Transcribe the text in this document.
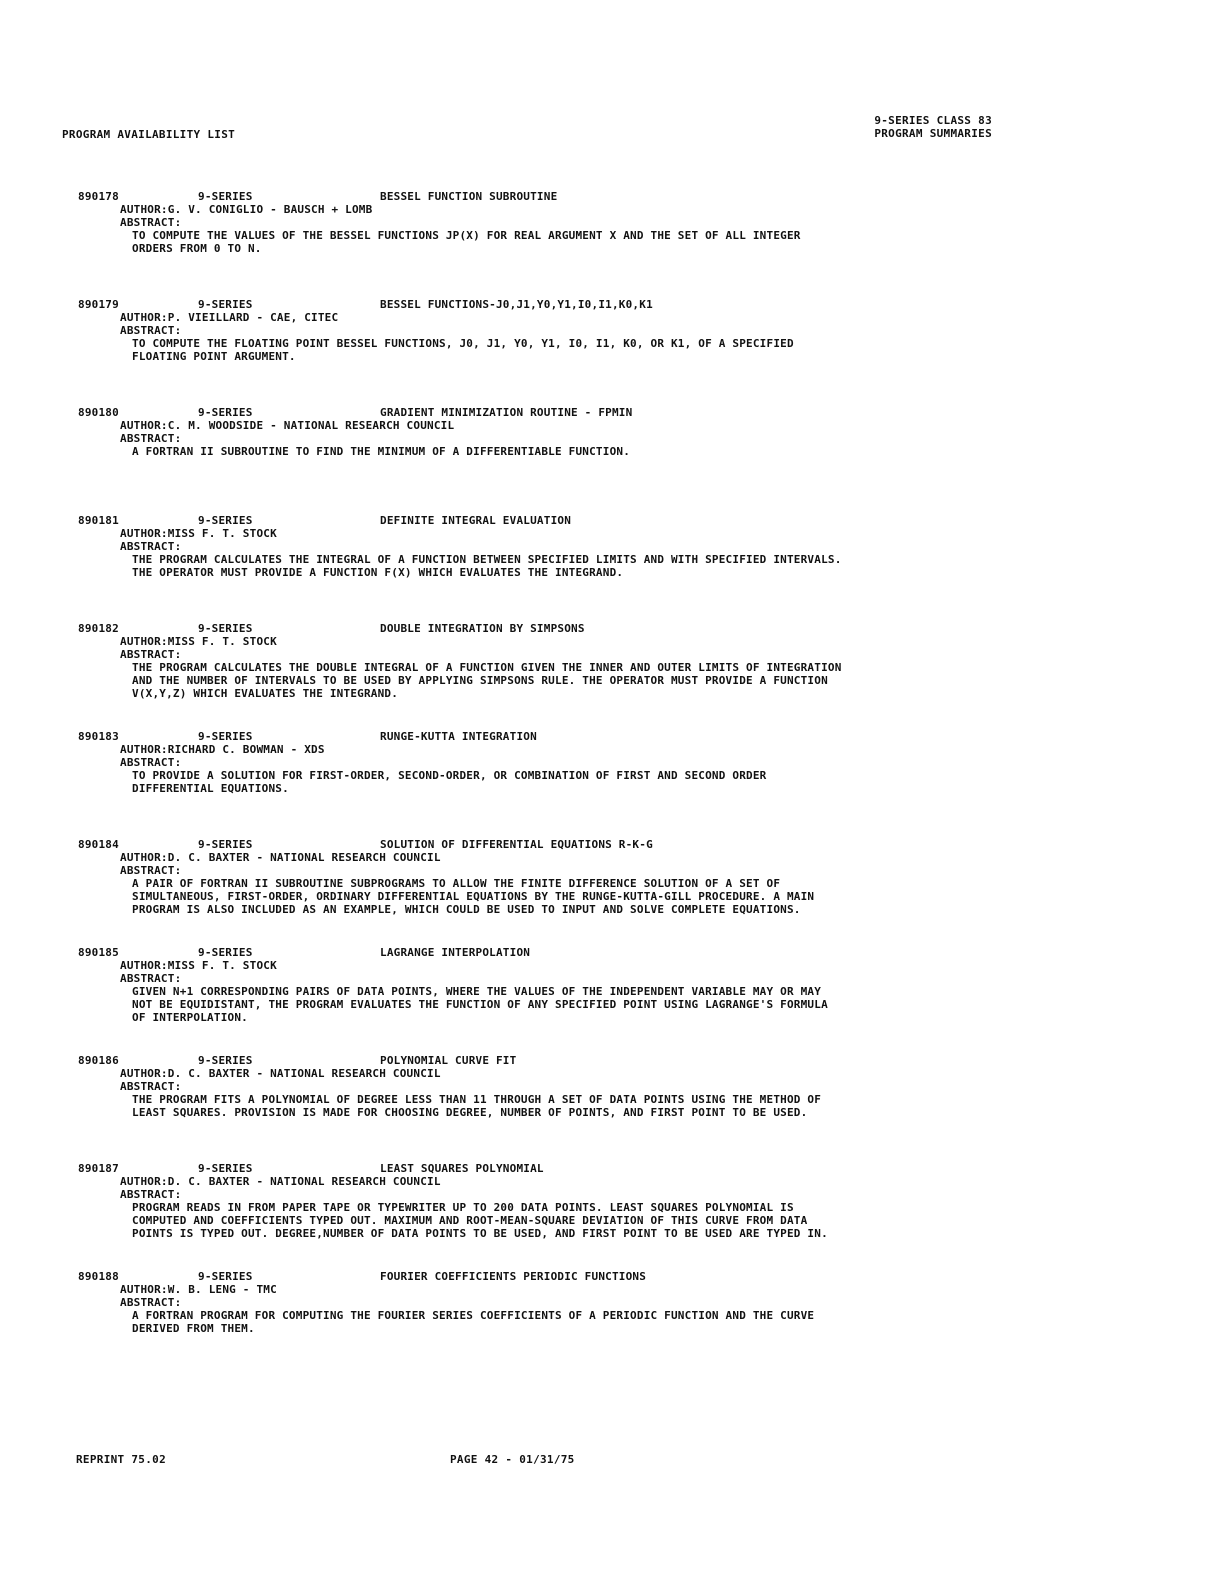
PROGRAM AVAILABILITY LIST
9-SERIES CLASS 83
PROGRAM SUMMARIES
890178	9-SERIES	BESSEL FUNCTION SUBROUTINE
AUTHOR:G. V. CONIGLIO - BAUSCH + LOMB
ABSTRACT:
TO COMPUTE THE VALUES OF THE BESSEL FUNCTIONS JP(X) FOR REAL ARGUMENT X AND THE SET OF ALL INTEGER
ORDERS FROM 0 TO N.
890179	9-SERIES	BESSEL FUNCTIONS-J0,J1,Y0,Y1,I0,I1,K0,K1
AUTHOR:P. VIEILLARD - CAE, CITEC
ABSTRACT:
TO COMPUTE THE FLOATING POINT BESSEL FUNCTIONS, J0, J1, Y0, Y1, I0, I1, K0, OR K1, OF A SPECIFIED
FLOATING POINT ARGUMENT.
890180	9-SERIES	GRADIENT MINIMIZATION ROUTINE - FPMIN
AUTHOR:C. M. WOODSIDE - NATIONAL RESEARCH COUNCIL
ABSTRACT:
A FORTRAN II SUBROUTINE TO FIND THE MINIMUM OF A DIFFERENTIABLE FUNCTION.
890181	9-SERIES	DEFINITE INTEGRAL EVALUATION
AUTHOR:MISS F. T. STOCK
ABSTRACT:
THE PROGRAM CALCULATES THE INTEGRAL OF A FUNCTION BETWEEN SPECIFIED LIMITS AND WITH SPECIFIED INTERVALS.
THE OPERATOR MUST PROVIDE A FUNCTION F(X) WHICH EVALUATES THE INTEGRAND.
890182	9-SERIES	DOUBLE INTEGRATION BY SIMPSONS
AUTHOR:MISS F. T. STOCK
ABSTRACT:
THE PROGRAM CALCULATES THE DOUBLE INTEGRAL OF A FUNCTION GIVEN THE INNER AND OUTER LIMITS OF INTEGRATION
AND THE NUMBER OF INTERVALS TO BE USED BY APPLYING SIMPSONS RULE. THE OPERATOR MUST PROVIDE A FUNCTION
V(X,Y,Z) WHICH EVALUATES THE INTEGRAND.
890183	9-SERIES	RUNGE-KUTTA INTEGRATION
AUTHOR:RICHARD C. BOWMAN - XDS
ABSTRACT:
TO PROVIDE A SOLUTION FOR FIRST-ORDER, SECOND-ORDER, OR COMBINATION OF FIRST AND SECOND ORDER
DIFFERENTIAL EQUATIONS.
890184	9-SERIES	SOLUTION OF DIFFERENTIAL EQUATIONS R-K-G
AUTHOR:D. C. BAXTER - NATIONAL RESEARCH COUNCIL
ABSTRACT:
A PAIR OF FORTRAN II SUBROUTINE SUBPROGRAMS TO ALLOW THE FINITE DIFFERENCE SOLUTION OF A SET OF
SIMULTANEOUS, FIRST-ORDER, ORDINARY DIFFERENTIAL EQUATIONS BY THE RUNGE-KUTTA-GILL PROCEDURE. A MAIN
PROGRAM IS ALSO INCLUDED AS AN EXAMPLE, WHICH COULD BE USED TO INPUT AND SOLVE COMPLETE EQUATIONS.
890185	9-SERIES	LAGRANGE INTERPOLATION
AUTHOR:MISS F. T. STOCK
ABSTRACT:
GIVEN N+1 CORRESPONDING PAIRS OF DATA POINTS, WHERE THE VALUES OF THE INDEPENDENT VARIABLE MAY OR MAY
NOT BE EQUIDISTANT, THE PROGRAM EVALUATES THE FUNCTION OF ANY SPECIFIED POINT USING LAGRANGE'S FORMULA
OF INTERPOLATION.
890186	9-SERIES	POLYNOMIAL CURVE FIT
AUTHOR:D. C. BAXTER - NATIONAL RESEARCH COUNCIL
ABSTRACT:
THE PROGRAM FITS A POLYNOMIAL OF DEGREE LESS THAN 11 THROUGH A SET OF DATA POINTS USING THE METHOD OF
LEAST SQUARES. PROVISION IS MADE FOR CHOOSING DEGREE, NUMBER OF POINTS, AND FIRST POINT TO BE USED.
890187	9-SERIES	LEAST SQUARES POLYNOMIAL
AUTHOR:D. C. BAXTER - NATIONAL RESEARCH COUNCIL
ABSTRACT:
PROGRAM READS IN FROM PAPER TAPE OR TYPEWRITER UP TO 200 DATA POINTS. LEAST SQUARES POLYNOMIAL IS
COMPUTED AND COEFFICIENTS TYPED OUT. MAXIMUM AND ROOT-MEAN-SQUARE DEVIATION OF THIS CURVE FROM DATA
POINTS IS TYPED OUT. DEGREE,NUMBER OF DATA POINTS TO BE USED, AND FIRST POINT TO BE USED ARE TYPED IN.
890188	9-SERIES	FOURIER COEFFICIENTS PERIODIC FUNCTIONS
AUTHOR:W. B. LENG - TMC
ABSTRACT:
A FORTRAN PROGRAM FOR COMPUTING THE FOURIER SERIES COEFFICIENTS OF A PERIODIC FUNCTION AND THE CURVE
DERIVED FROM THEM.
REPRINT 75.02	PAGE 42 - 01/31/75
